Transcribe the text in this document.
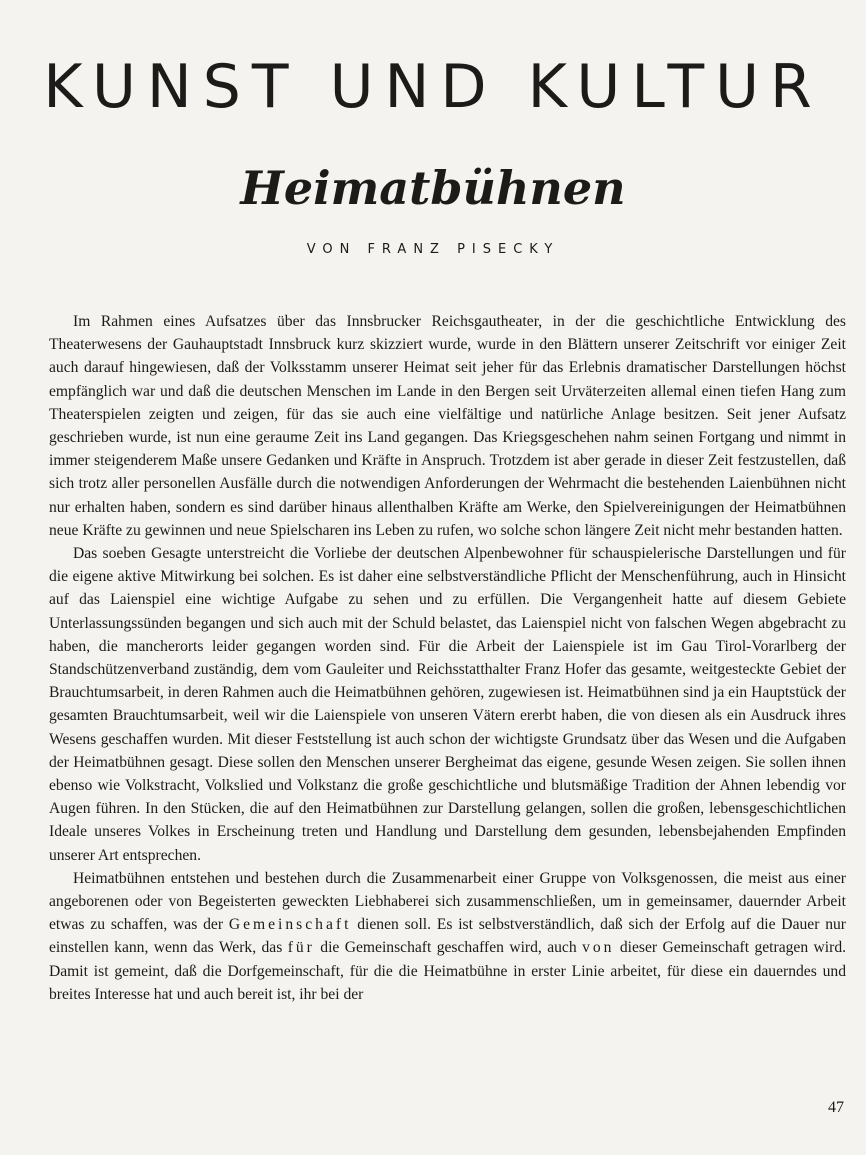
KUNST UND KULTUR
Heimatbühnen
VON FRANZ PISECKY

Im Rahmen eines Aufsatzes über das Innsbrucker Reichsgautheater, in der die geschichtliche Entwicklung des Theaterwesens der Gauhauptstadt Innsbruck kurz skizziert wurde, wurde in den Blättern unserer Zeitschrift vor einiger Zeit auch darauf hingewiesen, daß der Volksstamm unserer Heimat seit jeher für das Erlebnis dramatischer Darstellungen höchst empfänglich war und daß die deutschen Menschen im Lande in den Bergen seit Urväterzeiten allemal einen tiefen Hang zum Theaterspielen zeigten und zeigen, für das sie auch eine vielfältige und natürliche Anlage besitzen. Seit jener Aufsatz geschrieben wurde, ist nun eine geraume Zeit ins Land gegangen. Das Kriegsgeschehen nahm seinen Fortgang und nimmt in immer steigenderem Maße unsere Gedanken und Kräfte in Anspruch. Trotzdem ist aber gerade in dieser Zeit festzustellen, daß sich trotz aller personellen Ausfälle durch die notwendigen Anforderungen der Wehrmacht die bestehenden Laienbühnen nicht nur erhalten haben, sondern es sind darüber hinaus allenthalben Kräfte am Werke, den Spielvereinigungen der Heimatbühnen neue Kräfte zu gewinnen und neue Spielscharen ins Leben zu rufen, wo solche schon längere Zeit nicht mehr bestanden hatten.

Das soeben Gesagte unterstreicht die Vorliebe der deutschen Alpenbewohner für schauspielerische Darstellungen und für die eigene aktive Mitwirkung bei solchen. Es ist daher eine selbstverständliche Pflicht der Menschenführung, auch in Hinsicht auf das Laienspiel eine wichtige Aufgabe zu sehen und zu erfüllen. Die Vergangenheit hatte auf diesem Gebiete Unterlassungssünden begangen und sich auch mit der Schuld belastet, das Laienspiel nicht von falschen Wegen abgebracht zu haben, die mancherorts leider gegangen worden sind. Für die Arbeit der Laienspiele ist im Gau Tirol-Vorarlberg der Standschützenverband zuständig, dem vom Gauleiter und Reichsstatthalter Franz Hofer das gesamte, weitgesteckte Gebiet der Brauchtumsarbeit, in deren Rahmen auch die Heimatbühnen gehören, zugewiesen ist. Heimatbühnen sind ja ein Hauptstück der gesamten Brauchtumsarbeit, weil wir die Laienspiele von unseren Vätern ererbt haben, die von diesen als ein Ausdruck ihres Wesens geschaffen wurden. Mit dieser Feststellung ist auch schon der wichtigste Grundsatz über das Wesen und die Aufgaben der Heimatbühnen gesagt. Diese sollen den Menschen unserer Bergheimat das eigene, gesunde Wesen zeigen. Sie sollen ihnen ebenso wie Volkstracht, Volkslied und Volkstanz die große geschichtliche und blutsmäßige Tradition der Ahnen lebendig vor Augen führen. In den Stücken, die auf den Heimatbühnen zur Darstellung gelangen, sollen die großen, lebensgeschichtlichen Ideale unseres Volkes in Erscheinung treten und Handlung und Darstellung dem gesunden, lebensbejahenden Empfinden unserer Art entsprechen.

Heimatbühnen entstehen und bestehen durch die Zusammenarbeit einer Gruppe von Volksgenossen, die meist aus einer angeborenen oder von Begeisterten geweckten Liebhaberei sich zusammenschließen, um in gemeinsamer, dauernder Arbeit etwas zu schaffen, was der Gemeinschaft dienen soll. Es ist selbstverständlich, daß sich der Erfolg auf die Dauer nur einstellen kann, wenn das Werk, das für die Gemeinschaft geschaffen wird, auch von dieser Gemeinschaft getragen wird. Damit ist gemeint, daß die Dorfgemeinschaft, für die die Heimatbühne in erster Linie arbeitet, für diese ein dauerndes und breites Interesse hat und auch bereit ist, ihr bei der

47
